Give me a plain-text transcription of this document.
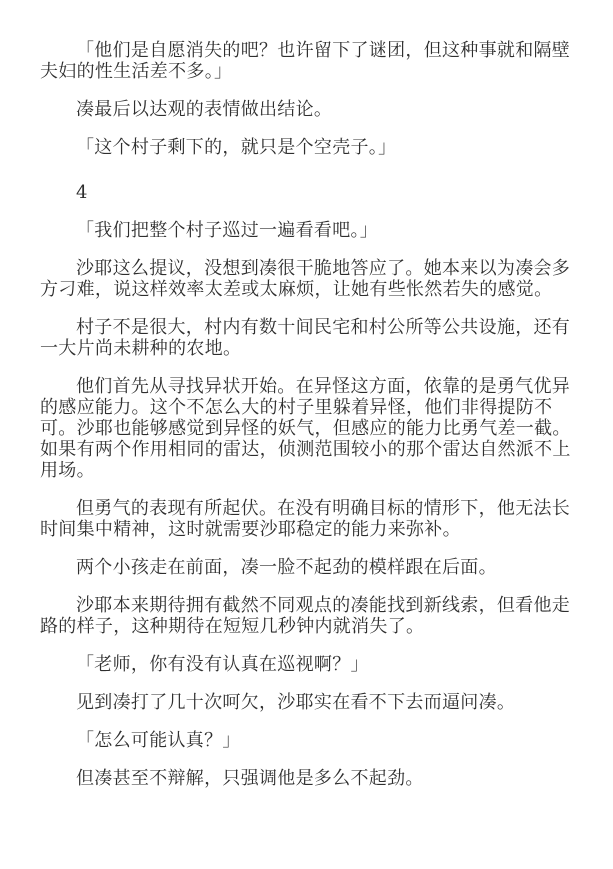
「他们是自愿消失的吧？也许留下了谜团，但这种事就和隔壁夫妇的性生活差不多。」

凑最后以达观的表情做出结论。

「这个村子剩下的，就只是个空壳子。」

4

「我们把整个村子巡过一遍看看吧。」

沙耶这么提议，没想到凑很干脆地答应了。她本来以为凑会多方刁难，说这样效率太差或太麻烦，让她有些怅然若失的感觉。

村子不是很大，村内有数十间民宅和村公所等公共设施，还有一大片尚未耕种的农地。

他们首先从寻找异状开始。在异怪这方面，依靠的是勇气优异的感应能力。这个不怎么大的村子里躲着异怪，他们非得提防不可。沙耶也能够感觉到异怪的妖气，但感应的能力比勇气差一截。如果有两个作用相同的雷达，侦测范围较小的那个雷达自然派不上用场。

但勇气的表现有所起伏。在没有明确目标的情形下，他无法长时间集中精神，这时就需要沙耶稳定的能力来弥补。

两个小孩走在前面，凑一脸不起劲的模样跟在后面。

沙耶本来期待拥有截然不同观点的凑能找到新线索，但看他走路的样子，这种期待在短短几秒钟内就消失了。

「老师，你有没有认真在巡视啊？」

见到凑打了几十次呵欠，沙耶实在看不下去而逼问凑。

「怎么可能认真？」

但凑甚至不辩解，只强调他是多么不起劲。
